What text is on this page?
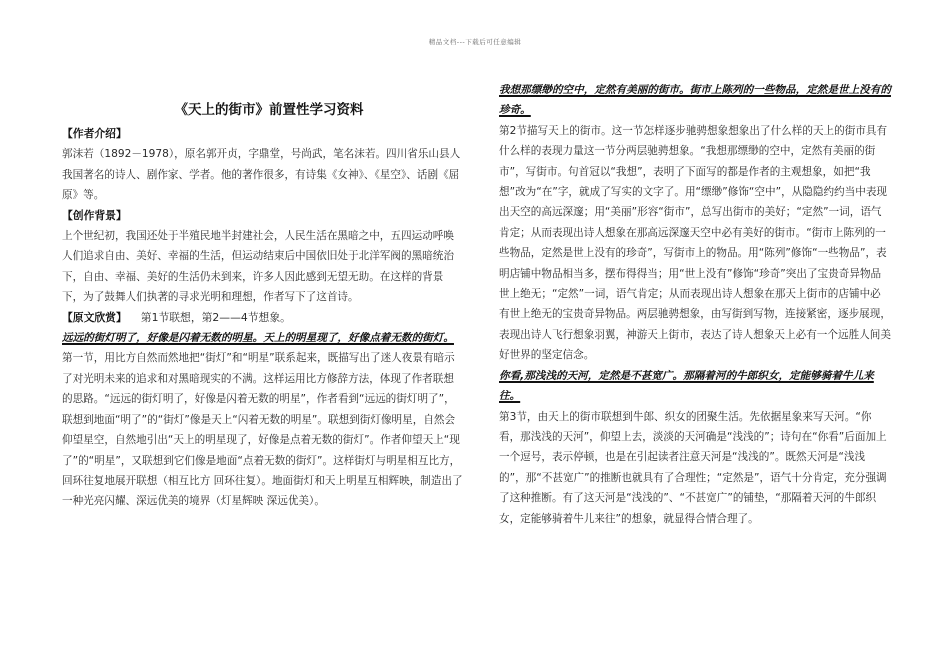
精品文档---下载后可任意编辑
《天上的街市》前置性学习资料

【作者介绍】

郭沫若（1892－1978），原名郭开贞，字鼎堂，号尚武，笔名沫若。四川省乐山县人我国著名的诗人、剧作家、学者。他的著作很多，有诗集《女神》、《星空》、话剧《屈原》等。

【创作背景】

上个世纪初，我国还处于半殖民地半封建社会，人民生活在黑暗之中，五四运动呼唤人们追求自由、美好、幸福的生活，但运动结束后中国依旧处于北洋军阀的黑暗统治下，自由、幸福、美好的生活仍未到来，许多人因此感到无望无助。在这样的背景下，为了鼓舞人们执著的寻求光明和理想，作者写下了这首诗。

【原文欣赏】 第1节联想，第2——4节想象。

远远的街灯明了，好像是闪着无数的明星。天上的明星现了，好像点着无数的街灯。

第一节，用比方自然而然地把“街灯”和“明星”联系起来，既描写出了迷人夜景有暗示了对光明未来的追求和对黑暗现实的不满。这样运用比方修辞方法，体现了作者联想的思路。“远远的街灯明了，好像是闪着无数的明星”，作者看到“远远的街灯明了”，联想到地面“明了”的“街灯”像是天上“闪着无数的明星”。联想到街灯像明星，自然会仰望星空，自然地引出“天上的明星现了，好像是点着无数的街灯”。作者仰望天上“现了”的“明星”，又联想到它们像是地面“点着无数的街灯”。这样街灯与明星相互比方，回环往复地展开联想（相互比方 回环往复）。地面街灯和天上明星互相辉映，制造出了一种光亮闪耀、深远优美的境界（灯星辉映 深远优美）。

我想那缥缈的空中，定然有美丽的街市。街市上陈列的一些物品，定然是世上没有的珍奇。

第2节描写天上的街市。这一节怎样逐步驰骋想象想象出了什么样的天上的街市具有什么样的表现力量这一节分两层驰骋想象。“我想那缥缈的空中，定然有美丽的街市”，写街市。句首冠以“我想”，表明了下面写的都是作者的主观想象，如把“我想”改为“在”字，就成了写实的文字了。用“缥缈”修饰“空中”，从隐隐约约当中表现出天空的高远深邃；用“美丽”形容“街市”，总写出街市的美好；“定然”一词，语气肯定；从而表现出诗人想象在那高远深邃天空中必有美好的街市。“街市上陈列的一些物品，定然是世上没有的珍奇”，写街市上的物品。用“陈列”修饰“一些物品”，表明店铺中物品相当多，摆布得得当；用“世上没有”修饰“珍奇”突出了宝贵奇异物品世上绝无；“定然”一词，语气肯定；从而表现出诗人想象在那天上街市的店铺中必有世上绝无的宝贵奇异物品。两层驰骋想象，由写街到写物，连接紧密，逐步展现，表现出诗人飞行想象羽翼，神游天上街市，表达了诗人想象天上必有一个远胜人间美好世界的坚定信念。

你看,那浅浅的天河，定然是不甚宽广。那隔着河的牛郎织女，定能够骑着牛儿来往。

第3节，由天上的街市联想到牛郎、织女的团聚生活。先依据星象来写天河。“你看，那浅浅的天河”，仰望上去，淡淡的天河确是“浅浅的”；诗句在“你看”后面加上一个逗号，表示停顿，也是在引起读者注意天河是“浅浅的”。既然天河是“浅浅的”，那“不甚宽广”的推断也就具有了合理性；“定然是”，语气十分肯定，充分强调了这种推断。有了这天河是“浅浅的”、“不甚宽广”的铺垫，“那隔着天河的牛郎织女，定能够骑着牛儿来往”的想象，就显得合情合理了。
